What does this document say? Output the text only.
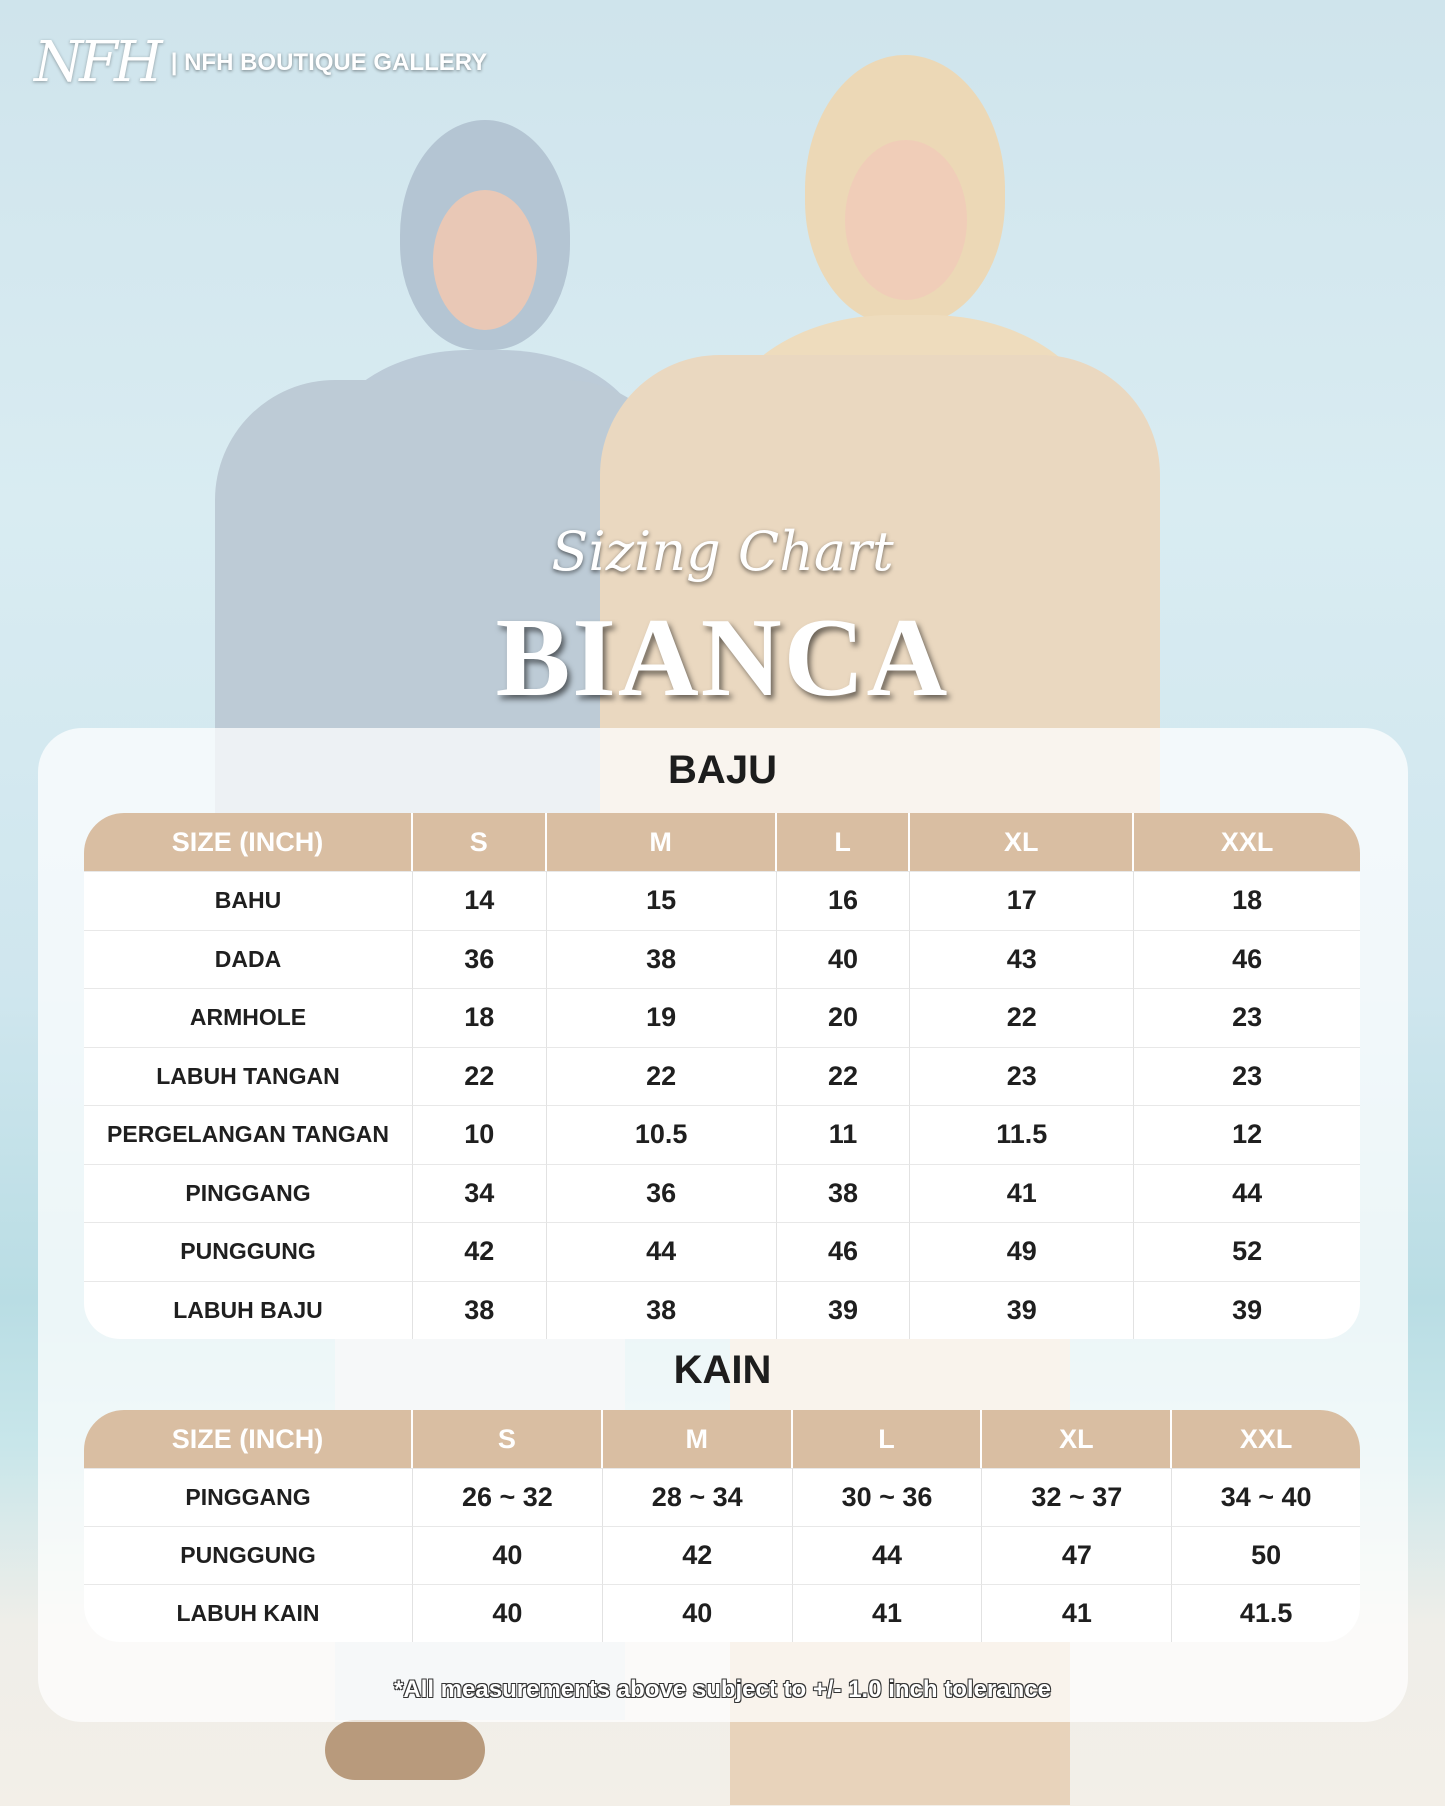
NFH | NFH BOUTIQUE GALLERY
Sizing Chart
BIANCA
BAJU
SIZE (INCH)	S	M	L	XL	XXL
BAHU	14	15	16	17	18
DADA	36	38	40	43	46
ARMHOLE	18	19	20	22	23
LABUH TANGAN	22	22	22	23	23
PERGELANGAN TANGAN	10	10.5	11	11.5	12
PINGGANG	34	36	38	41	44
PUNGGUNG	42	44	46	49	52
LABUH BAJU	38	38	39	39	39
KAIN
SIZE (INCH)	S	M	L	XL	XXL
PINGGANG	26 ~ 32	28 ~ 34	30 ~ 36	32 ~ 37	34 ~ 40
PUNGGUNG	40	42	44	47	50
LABUH KAIN	40	40	41	41	41.5
*All measurements above subject to +/- 1.0 inch tolerance
